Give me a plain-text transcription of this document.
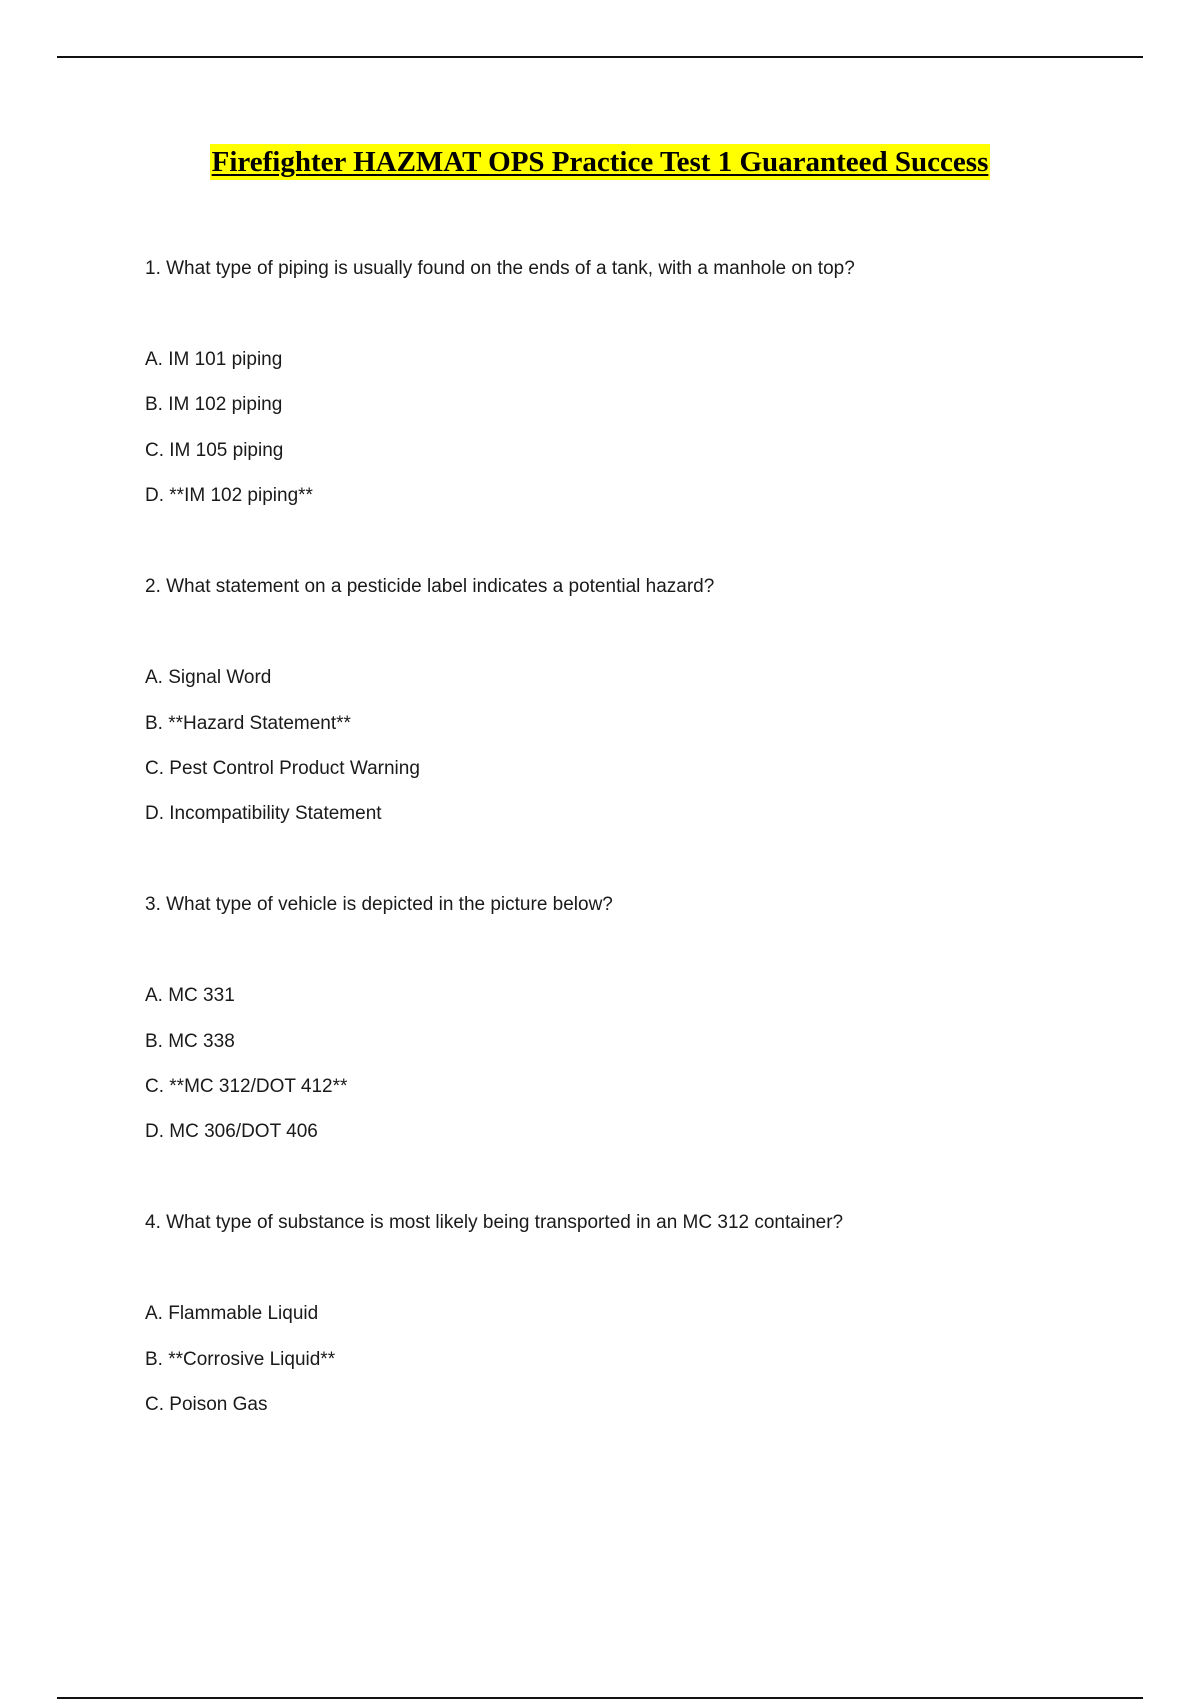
Firefighter HAZMAT OPS Practice Test 1 Guaranteed Success
1. What type of piping is usually found on the ends of a tank, with a manhole on top?
A. IM 101 piping
B. IM 102 piping
C. IM 105 piping
D. **IM 102 piping**
2. What statement on a pesticide label indicates a potential hazard?
A. Signal Word
B. **Hazard Statement**
C. Pest Control Product Warning
D. Incompatibility Statement
3. What type of vehicle is depicted in the picture below?
A. MC 331
B. MC 338
C. **MC 312/DOT 412**
D. MC 306/DOT 406
4. What type of substance is most likely being transported in an MC 312 container?
A. Flammable Liquid
B. **Corrosive Liquid**
C. Poison Gas
